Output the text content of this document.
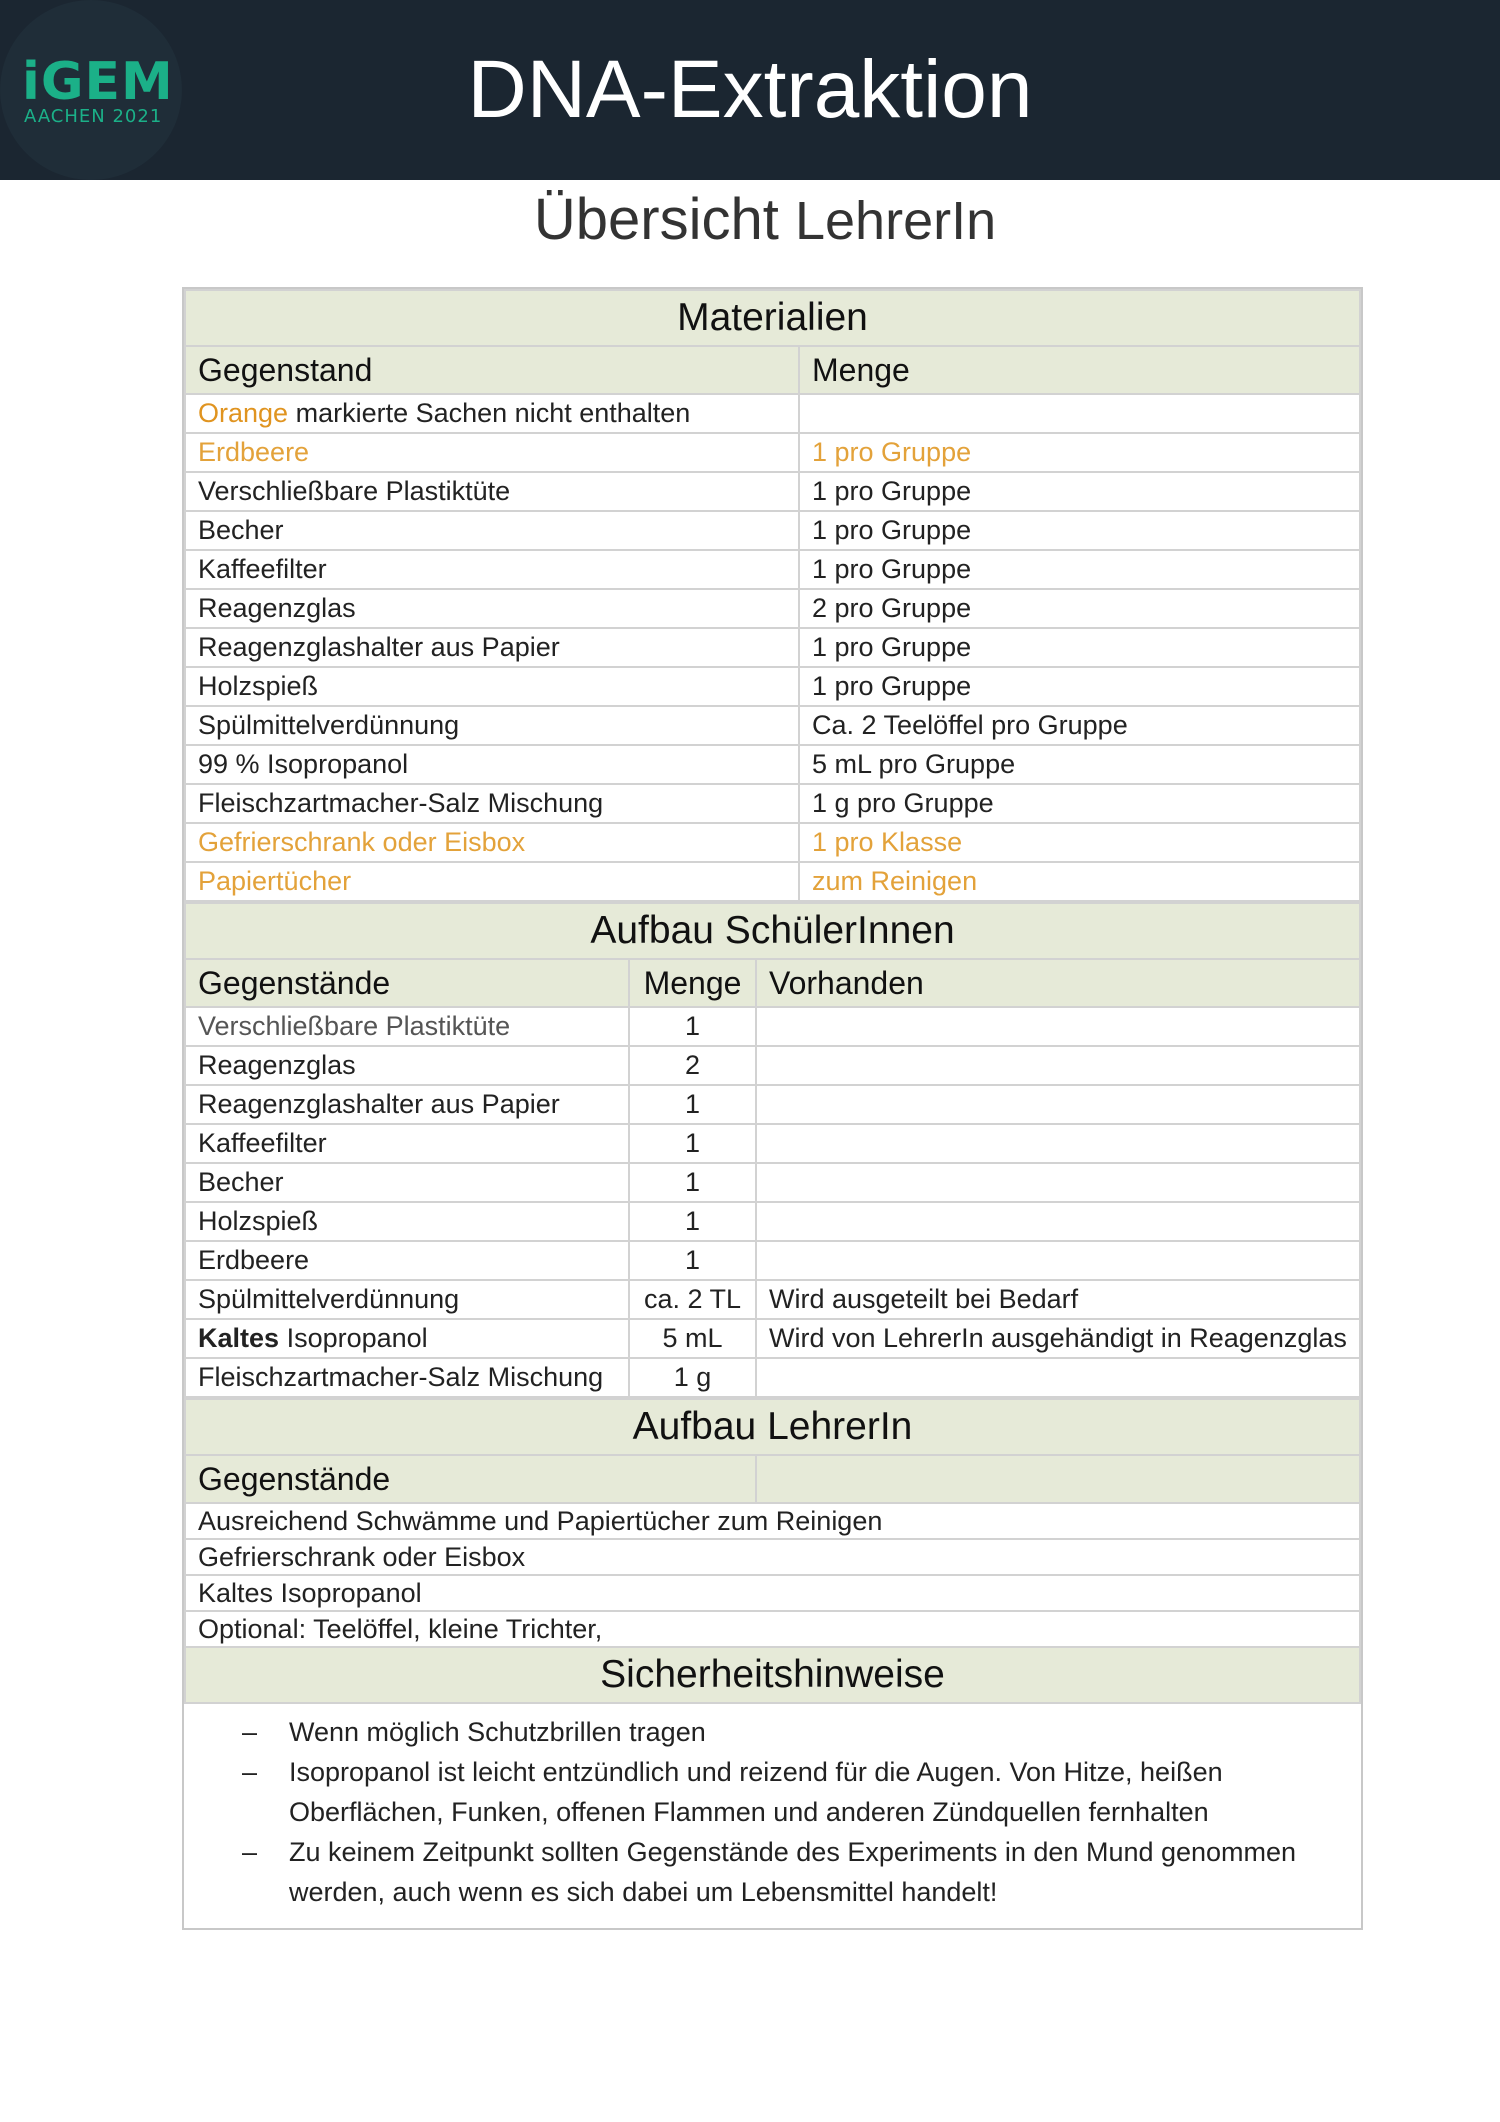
iGEM
AACHEN 2021	DNA-Extraktion
Übersicht LehrerIn
Materialien	
Gegenstand	Menge
Orange markierte Sachen nicht enthalten	
Erdbeere	1 pro Gruppe
Verschließbare Plastiktüte	1 pro Gruppe
Becher	1 pro Gruppe
Kaffeefilter	1 pro Gruppe
Reagenzglas	2 pro Gruppe
Reagenzglashalter aus Papier	1 pro Gruppe
Holzspieß	1 pro Gruppe
Spülmittelverdünnung	Ca. 2 Teelöffel pro Gruppe
99 % Isopropanol	5 mL pro Gruppe
Fleischzartmacher-Salz Mischung	1 g pro Gruppe
Gefrierschrank oder Eisbox	1 pro Klasse
Papiertücher	zum Reinigen
Aufbau SchülerInnen		
Gegenstände	Menge	Vorhanden
Verschließbare Plastiktüte	1	
Reagenzglas	2	
Reagenzglashalter aus Papier	1	
Kaffeefilter	1	
Becher	1	
Holzspieß	1	
Erdbeere	1	
Spülmittelverdünnung	ca. 2 TL	Wird ausgeteilt bei Bedarf
Kaltes Isopropanol	5 mL	Wird von LehrerIn ausgehändigt in Reagenzglas
Fleischzartmacher-Salz Mischung	1 g	
Aufbau LehrerIn
Gegenstände	
Ausreichend Schwämme und Papiertücher zum Reinigen
Gefrierschrank oder Eisbox
Kaltes Isopropanol
Optional: Teelöffel, kleine Trichter,
Sicherheitshinweise
– Wenn möglich Schutzbrillen tragen
– Isopropanol ist leicht entzündlich und reizend für die Augen. Von Hitze, heißen Oberflächen, Funken, offenen Flammen und anderen Zündquellen fernhalten
– Zu keinem Zeitpunkt sollten Gegenstände des Experiments in den Mund genommen werden, auch wenn es sich dabei um Lebensmittel handelt!
